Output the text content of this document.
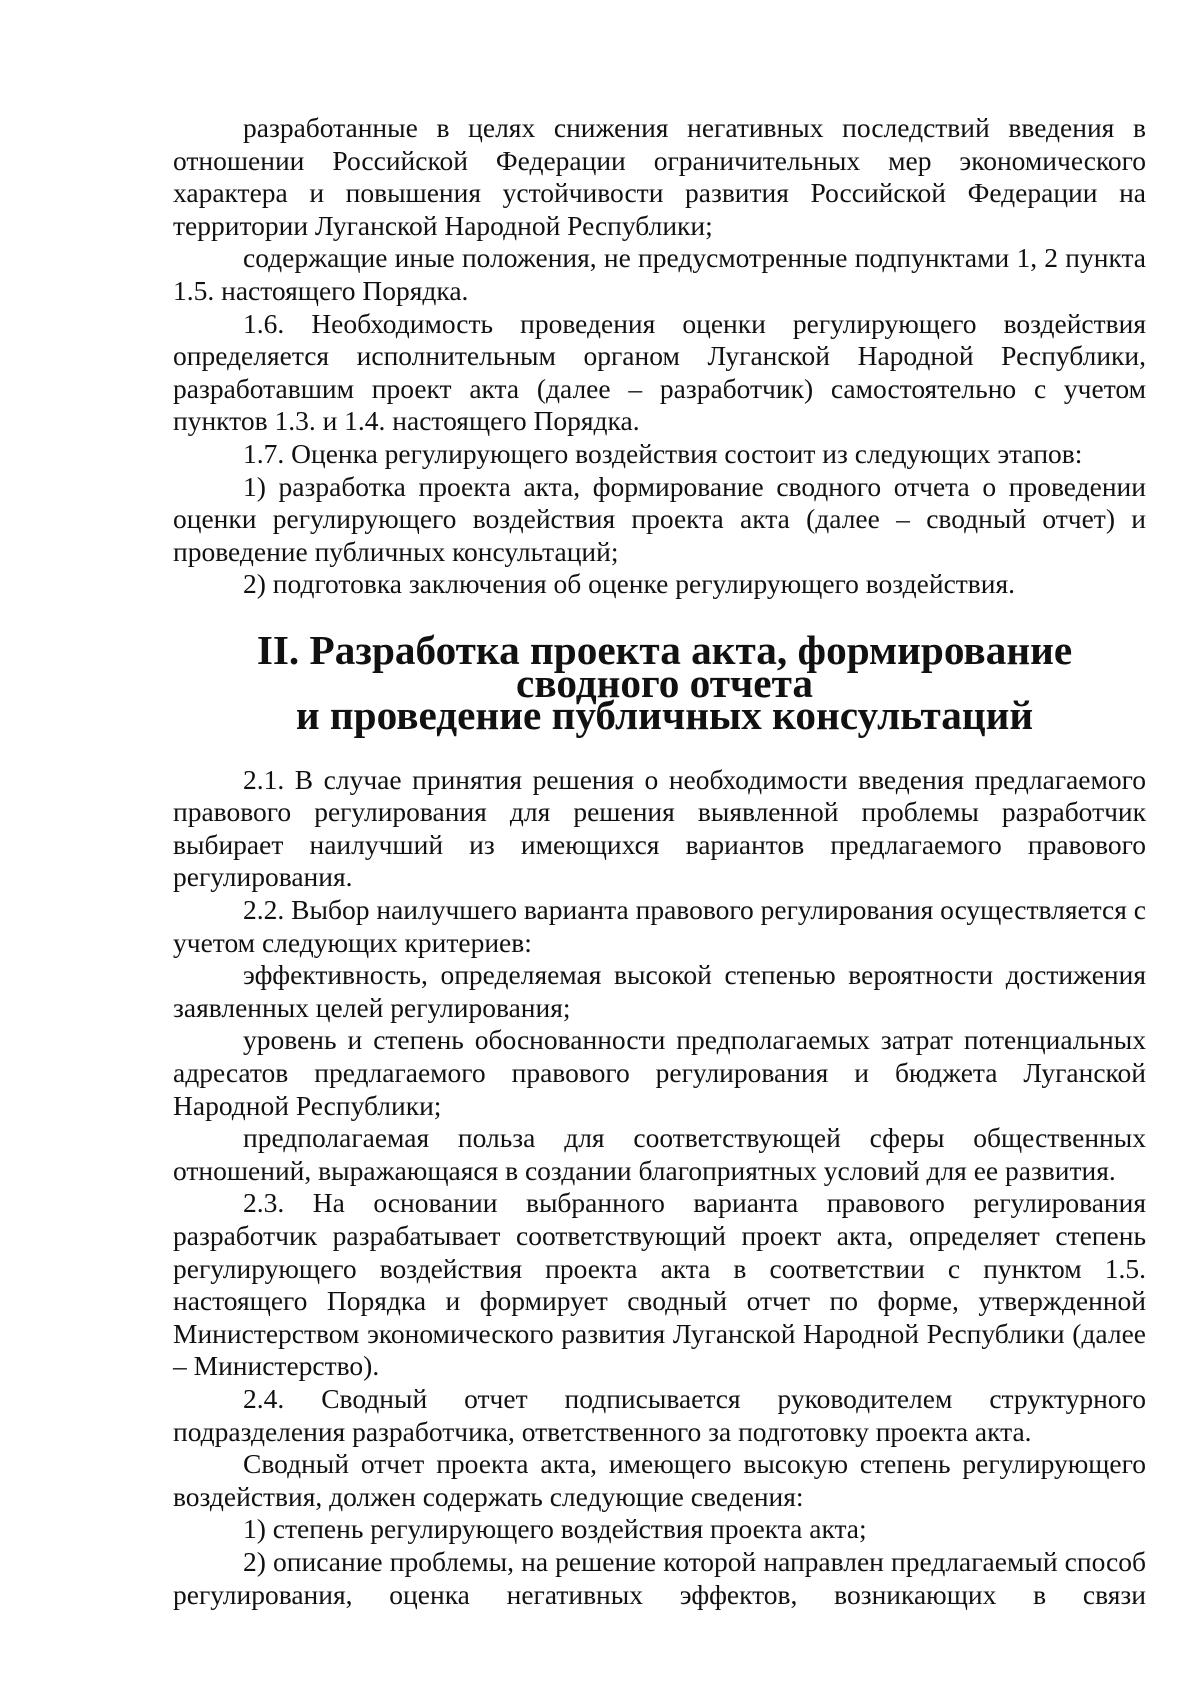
разработанные в целях снижения негативных последствий введения в отношении Российской Федерации ограничительных мер экономического характера и повышения устойчивости развития Российской Федерации на территории Луганской Народной Республики;

содержащие иные положения, не предусмотренные подпунктами 1, 2 пункта 1.5. настоящего Порядка.

1.6. Необходимость проведения оценки регулирующего воздействия определяется исполнительным органом Луганской Народной Республики, разработавшим проект акта (далее – разработчик) самостоятельно с учетом пунктов 1.3. и 1.4. настоящего Порядка.

1.7. Оценка регулирующего воздействия состоит из следующих этапов:

1) разработка проекта акта, формирование сводного отчета о проведении оценки регулирующего воздействия проекта акта (далее – сводный отчет) и проведение публичных консультаций;

2) подготовка заключения об оценке регулирующего воздействия.

II. Разработка проекта акта, формирование сводного отчета
и проведение публичных консультаций

2.1. В случае принятия решения о необходимости введения предлагаемого правового регулирования для решения выявленной проблемы разработчик выбирает наилучший из имеющихся вариантов предлагаемого правового регулирования.

2.2. Выбор наилучшего варианта правового регулирования осуществляется с учетом следующих критериев:

эффективность, определяемая высокой степенью вероятности достижения заявленных целей регулирования;

уровень и степень обоснованности предполагаемых затрат потенциальных адресатов предлагаемого правового регулирования и бюджета Луганской Народной Республики;

предполагаемая польза для соответствующей сферы общественных отношений, выражающаяся в создании благоприятных условий для ее развития.

2.3. На основании выбранного варианта правового регулирования разработчик разрабатывает соответствующий проект акта, определяет степень регулирующего воздействия проекта акта в соответствии с пунктом 1.5. настоящего Порядка и формирует сводный отчет по форме, утвержденной Министерством экономического развития Луганской Народной Республики (далее – Министерство).

2.4. Сводный отчет подписывается руководителем структурного подразделения разработчика, ответственного за подготовку проекта акта.

Сводный отчет проекта акта, имеющего высокую степень регулирующего воздействия, должен содержать следующие сведения:

1) степень регулирующего воздействия проекта акта;

2) описание проблемы, на решение которой направлен предлагаемый способ регулирования, оценка негативных эффектов, возникающих в связи
